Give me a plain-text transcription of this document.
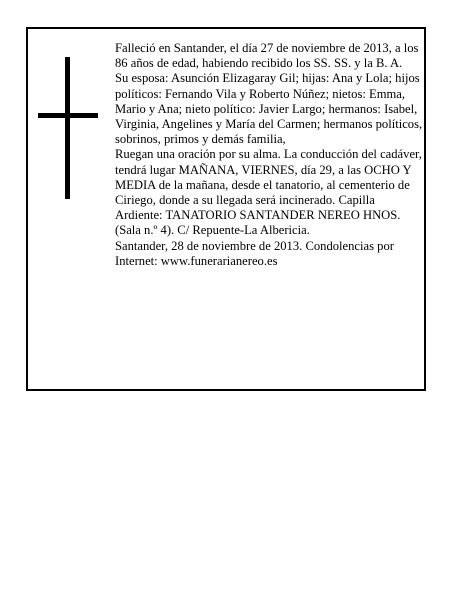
Falleció en Santander, el día 27 de noviembre de 2013, a los 86 años de edad, habiendo recibido los SS. SS. y la B. A.

Su esposa: Asunción Elizagaray Gil; hijas: Ana y Lola; hijos políticos: Fernando Vila y Roberto Núñez; nietos: Emma, Mario y Ana; nieto político: Javier Largo; hermanos: Isabel, Virginia, Angelines y María del Carmen; hermanos políticos, sobrinos, primos y demás familia,

Ruegan una oración por su alma. La conducción del cadáver, tendrá lugar MAÑANA, VIERNES, día 29, a las OCHO Y MEDIA de la mañana, desde el tanatorio, al cementerio de Ciriego, donde a su llegada será incinerado. Capilla Ardiente: TANATORIO SANTANDER NEREO HNOS. (Sala n.º 4). C/ Repuente-La Albericia.

Santander, 28 de noviembre de 2013. Condolencias por Internet: www.funerarianereo.es
